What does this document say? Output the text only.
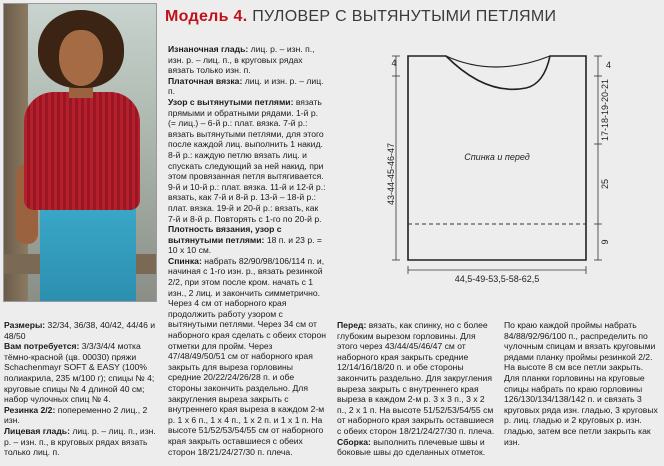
Модель 4. ПУЛОВЕР С ВЫТЯНУТЫМИ ПЕТЛЯМИ

Изнаночная гладь: лиц. р. – изн. п., изн. р. – лиц. п., в круговых рядах вязать только изн. п.

Платочная вязка: лиц. и изн. р. – лиц. п.

Узор с вытянутыми петлями: вязать прямыми и обратными рядами. 1-й р. (= лиц.) – 6-й р.: плат. вязка. 7-й р.: вязать вытянутыми петлями, для этого после каждой лиц. выполнить 1 накид. 8-й р.: каждую петлю вязать лиц. и спускать следующий за ней накид, при этом провязанная петля вытягивается. 9-й и 10-й р.: плат. вязка. 11-й и 12-й р.: вязать, как 7-й и 8-й р. 13-й – 18-й р.: плат. вязка. 19-й и 20-й р.: вязать, как 7-й и 8-й р. Повторять с 1-го по 20-й р.

Плотность вязания, узор с вытянутыми петлями: 18 п. и 23 р. = 10 х 10 см.

Спинка: набрать 82/90/98/106/114 п. и, начиная с 1-го изн. р., вязать резинкой 2/2, при этом после кром. начать с 1 изн., 2 лиц. и закончить симметрично. Через 4 см от наборного края продолжить работу узором с вытянутыми петлями. Через 34 см от наборного края сделать с обеих сторон отметки для пройм. Через 47/48/49/50/51 см от наборного края закрыть для выреза горловины средние 20/22/24/26/28 п. и обе стороны закончить раздельно. Для закругления выреза закрыть с внутреннего края выреза в каждом 2-м р. 1 х 6 п., 1 х 4 п., 1 х 2 п. и 1 х 1 п. На высоте 51/52/53/54/55 см от наборного края закрыть оставшиеся с обеих сторон 18/21/24/27/30 п. плеча.

Размеры: 32/34, 36/38, 40/42, 44/46 и 48/50

Вам потребуется: 3/3/3/4/4 мотка тёмно-красной (цв. 00030) пряжи Schachenmayr SOFT & EASY (100% полиакрила, 235 м/100 г); спицы № 4; круговые спицы № 4 длиной 40 см; набор чулочных спиц № 4.

Резинка 2/2: попеременно 2 лиц., 2 изн.

Лицевая гладь: лиц. р. – лиц. п., изн. р. – изн. п., в круговых рядах вязать только лиц. п.

Перед: вязать, как спинку, но с более глубоким вырезом горловины. Для этого через 43/44/45/46/47 см от наборного края закрыть средние 12/14/16/18/20 п. и обе стороны закончить раздельно. Для закругления выреза закрыть с внутреннего края выреза в каждом 2-м р. 3 х 3 п., 3 х 2 п., 2 х 1 п. На высоте 51/52/53/54/55 см от наборного края закрыть оставшиеся с обеих сторон 18/21/24/27/30 п. плеча.

Сборка: выполнить плечевые швы и боковые швы до сделанных отметок.

По краю каждой проймы набрать 84/88/92/96/100 п., распределить по чулочным спицам и вязать круговыми рядами планку проймы резинкой 2/2. На высоте 8 см все петли закрыть.

Для планки горловины на круговые спицы набрать по краю горловины 126/130/134/138/142 п. и связать 3 круговых ряда изн. гладью, 3 круговых р. лиц. гладью и 2 круговых р. изн. гладью, затем все петли закрыть как изн.

Спинка и перед
44,5-49-53,5-58-62,5
4
43-44-45-46-47
4
17-18-19-20-21
25
9
